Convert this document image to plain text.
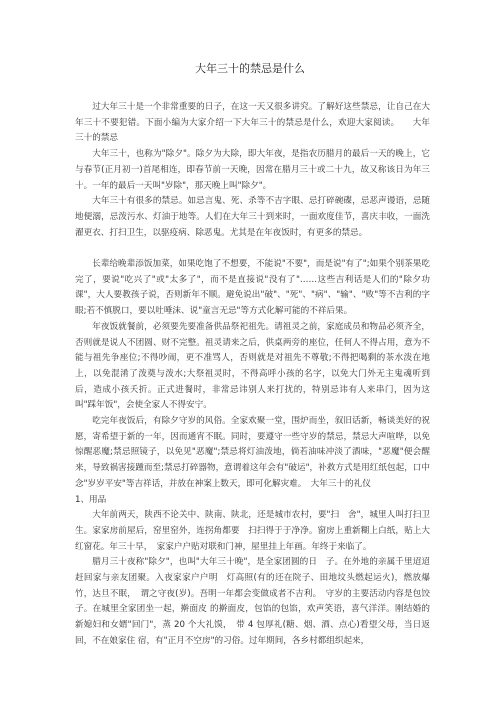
大年三十的禁忌是什么

过大年三十是一个非常重要的日子，在这一天又很多讲究。了解好这些禁忌，让自己在大年三十不要犯错。下面小编为大家介绍一下大年三十的禁忌是什么，欢迎大家阅读。　　大年三十的禁忌

大年三十，也称为"除夕"。除夕为大除，即大年夜，是指农历腊月的最后一天的晚上，它与春节(正月初一)首尾相连，即春节前一天晚，因常在腊月三十或二十九，故又称该日为年三十。一年的最后一天叫"岁除"，那天晚上叫"除夕"。

大年三十有很多的禁忌。如忌言鬼、死、杀等不吉字眼、忌打碎碗碟，忌恶声谩语，忌随地便溺，忌泼污水、灯油于地等。人们在大年三十到来时，一面欢度佳节，喜庆丰收，一面洗濯更衣、打扫卫生，以驱疫病、除恶鬼。尤其是在年夜饭时，有更多的禁忌。

长辈给晚辈添饭加菜，如果吃饱了不想要，不能说"不要"，而是说"有了";如果个别茶果吃完了，要说"吃兴了"或"太多了"，而不是直接说"没有了"……这些吉利话是人们的"除夕功课"，大人要教孩子说，否则新年不顺。避免说出"破"、"死"、"病"、"输"、"败"等不吉利的字眼;若不慎脱口，要以吐唾沫、说"童言无忌"等方式化解可能的不祥后果。

年夜饭就餐前，必须要先要准备供品祭祀祖先。请祖灵之前，家庭成员和物品必须齐全，否则就是说人不团圆、财不完整。祖灵请来之后，供桌两旁的座位，任何人不得占用，意为不能与祖先争座位;不得吵闹，更不准骂人，否则就是对祖先不尊敬;不得把喝剩的茶水泼在地上，以免混淆了泼奠与泼水;大祭祖灵时，不得高呼小孩的名字，以免大门外无主鬼魂听到后，造成小孩夭折。正式进餐时，非常忌讳别人来打扰的，特别忌讳有人来串门，因为这叫"踩年饭"，会使全家人不得安宁。

吃完年夜饭后，有除夕守岁的风俗。全家欢聚一堂，围炉而坐，叙旧话新，畅谈美好的祝愿，寄希望于新的一年，因而通宵不眠。同时，要遵守一些守岁的禁忌，禁忌大声喧哗，以免惊醒恶魔;禁忌照镜子，以免见"恶魔";禁忌将灯油泼地，倘若油味冲淡了酒味，"恶魔"便会醒来，导致祸害接踵而至;禁忌打碎器物，意谓着这年会有"破运"，补救方式是用红纸包起，口中念"岁岁平安"等吉祥话，并放在神案上数天，即可化解灾难。　大年三十的礼仪

1、用品

大年前两天，陕西不论关中、陕南、陕北，还是城市农村，要"扫　舍"，城里人叫打扫卫生。家家房前屋后，窑里窑外，连拐角都要　扫扫得于于净净。窗房上重新糊上白纸，贴上大红窗花。年三十早，　家家户户贴对联和门神，屋里挂上年画。年终于来临了。

腊月三十夜称"除夕"，也叫"大年三十晚"，是全家团圆的日　子。在外地的亲属千里迢迢赶回家与亲友团聚。入夜家家户户明　灯高照(有的还在院子、田地坟头燃起运火)，燃放爆竹，达旦不眠，　谓之守夜(岁)。吾明一年都会变做成者不吉利。　守岁的主要活动内容是包饺子。在城里全家团坐一起，擀面皮 的擀面皮，包馅的包馅，欢声笑语，喜气洋洋。刚结婚的新媳妇和女婿"回门"，蒸 20 个大礼馍，　带 4 包厚礼(糖、烟、酒、点心)看望父母，当日返回，不在娘家住 宿，有"正月不空房"的习俗。过年期间，各乡村都组织起来，
